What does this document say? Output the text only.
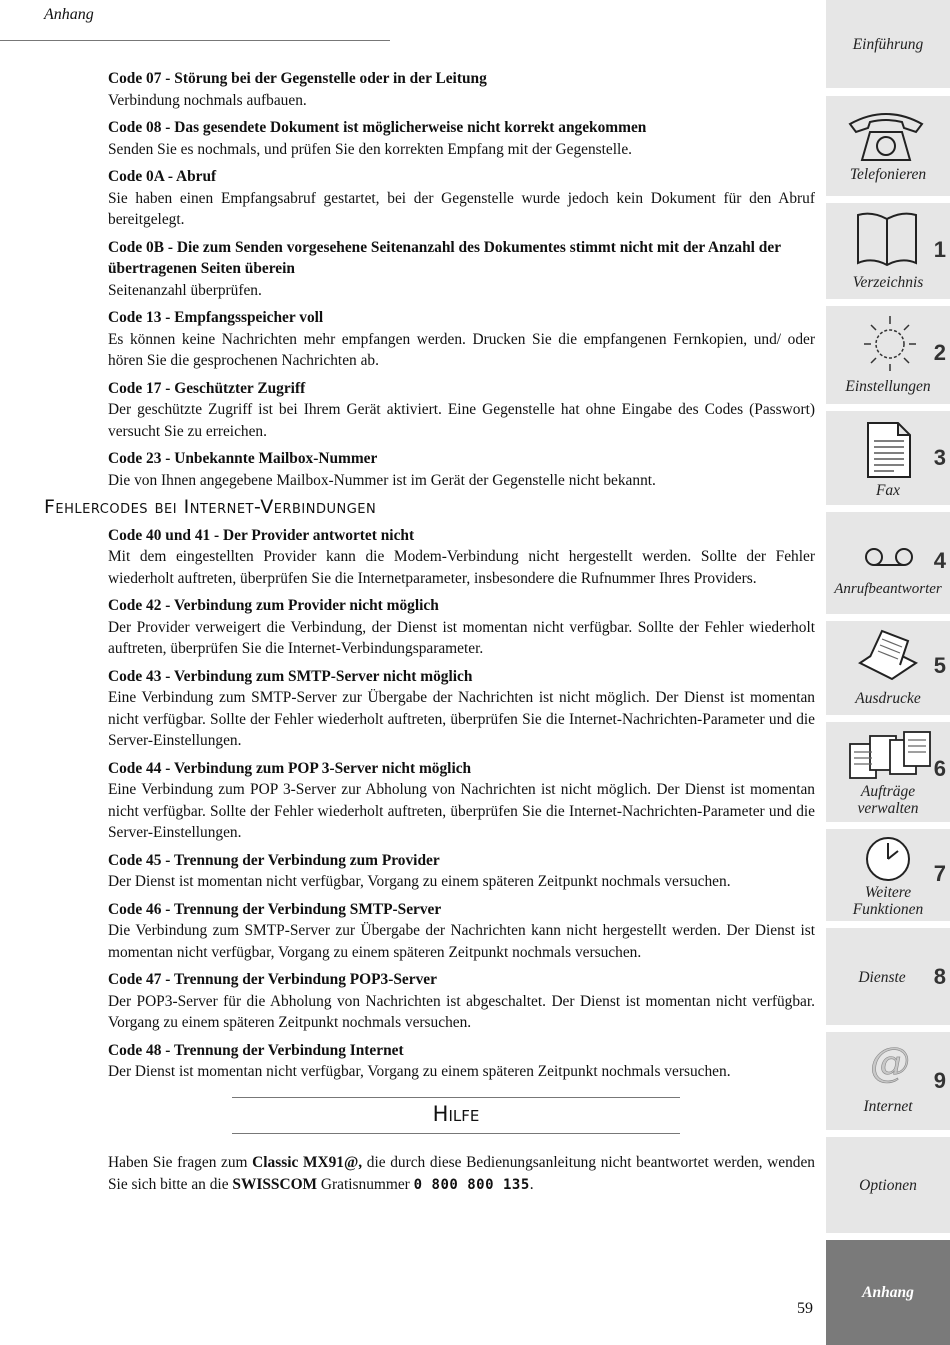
Anhang
Code 07 - Störung bei der Gegenstelle oder in der Leitung
Verbindung nochmals aufbauen.
Code 08 - Das gesendete Dokument ist möglicherweise nicht korrekt angekommen
Senden Sie es nochmals, und prüfen Sie den korrekten Empfang mit der Gegenstelle.
Code 0A - Abruf
Sie haben einen Empfangsabruf gestartet, bei der Gegenstelle wurde jedoch kein Dokument für den Abruf bereitgelegt.
Code 0B - Die zum Senden vorgesehene Seitenanzahl des Dokumentes stimmt nicht mit der Anzahl der übertragenen Seiten überein
Seitenanzahl überprüfen.
Code 13 - Empfangsspeicher voll
Es können keine Nachrichten mehr empfangen werden. Drucken Sie die empfangenen Fernkopien, und/ oder hören Sie die gesprochenen Nachrichten ab.
Code 17 - Geschützter Zugriff
Der geschützte Zugriff ist bei Ihrem Gerät aktiviert. Eine Gegenstelle hat ohne Eingabe des Codes (Passwort) versucht Sie zu erreichen.
Code 23 - Unbekannte Mailbox-Nummer
Die von Ihnen angegebene Mailbox-Nummer ist im Gerät der Gegenstelle nicht bekannt.
Fehlercodes bei Internet-Verbindungen
Code 40 und 41 - Der Provider antwortet nicht
Mit dem eingestellten Provider kann die Modem-Verbindung nicht hergestellt werden. Sollte der Fehler wiederholt auftreten, überprüfen Sie die Internetparameter, insbesondere die Rufnummer Ihres Providers.
Code 42 - Verbindung zum Provider nicht möglich
Der Provider verweigert die Verbindung, der Dienst ist momentan nicht verfügbar. Sollte der Fehler wiederholt auftreten, überprüfen Sie die Internet-Verbindungsparameter.
Code 43 - Verbindung zum SMTP-Server nicht möglich
Eine Verbindung zum SMTP-Server zur Übergabe der Nachrichten ist nicht möglich. Der Dienst ist momentan nicht verfügbar. Sollte der Fehler wiederholt auftreten, überprüfen Sie die Internet-Nachrichten-Parameter und die Server-Einstellungen.
Code 44 - Verbindung zum POP 3-Server nicht möglich
Eine Verbindung zum POP 3-Server zur Abholung von Nachrichten ist nicht möglich. Der Dienst ist momentan nicht verfügbar. Sollte der Fehler wiederholt auftreten, überprüfen Sie die Internet-Nachrichten-Parameter und die Server-Einstellungen.
Code 45 - Trennung der Verbindung zum Provider
Der Dienst ist momentan nicht verfügbar, Vorgang zu einem späteren Zeitpunkt nochmals versuchen.
Code 46 - Trennung der Verbindung SMTP-Server
Die Verbindung zum SMTP-Server zur Übergabe der Nachrichten kann nicht hergestellt werden. Der Dienst ist momentan nicht verfügbar, Vorgang zu einem späteren Zeitpunkt nochmals versuchen.
Code 47 - Trennung der Verbindung POP3-Server
Der POP3-Server für die Abholung von Nachrichten ist abgeschaltet. Der Dienst ist momentan nicht verfügbar. Vorgang zu einem späteren Zeitpunkt nochmals versuchen.
Code 48 - Trennung der Verbindung Internet
Der Dienst ist momentan nicht verfügbar, Vorgang zu einem späteren Zeitpunkt nochmals versuchen.
Hilfe
Haben Sie fragen zum Classic MX91@, die durch diese Bedienungsanleitung nicht beantwortet werden, wenden Sie sich bitte an die SWISSCOM Gratisnummer 0 800 800 135.
59
Einführung
Telefonieren
1
Verzeichnis
2
Einstellungen
3
Fax
4
Anrufbeantworter
5
Ausdrucke
6
Aufträge
verwalten
7
Weitere
Funktionen
8
Dienste
@ 9
Internet
Optionen
Anhang
